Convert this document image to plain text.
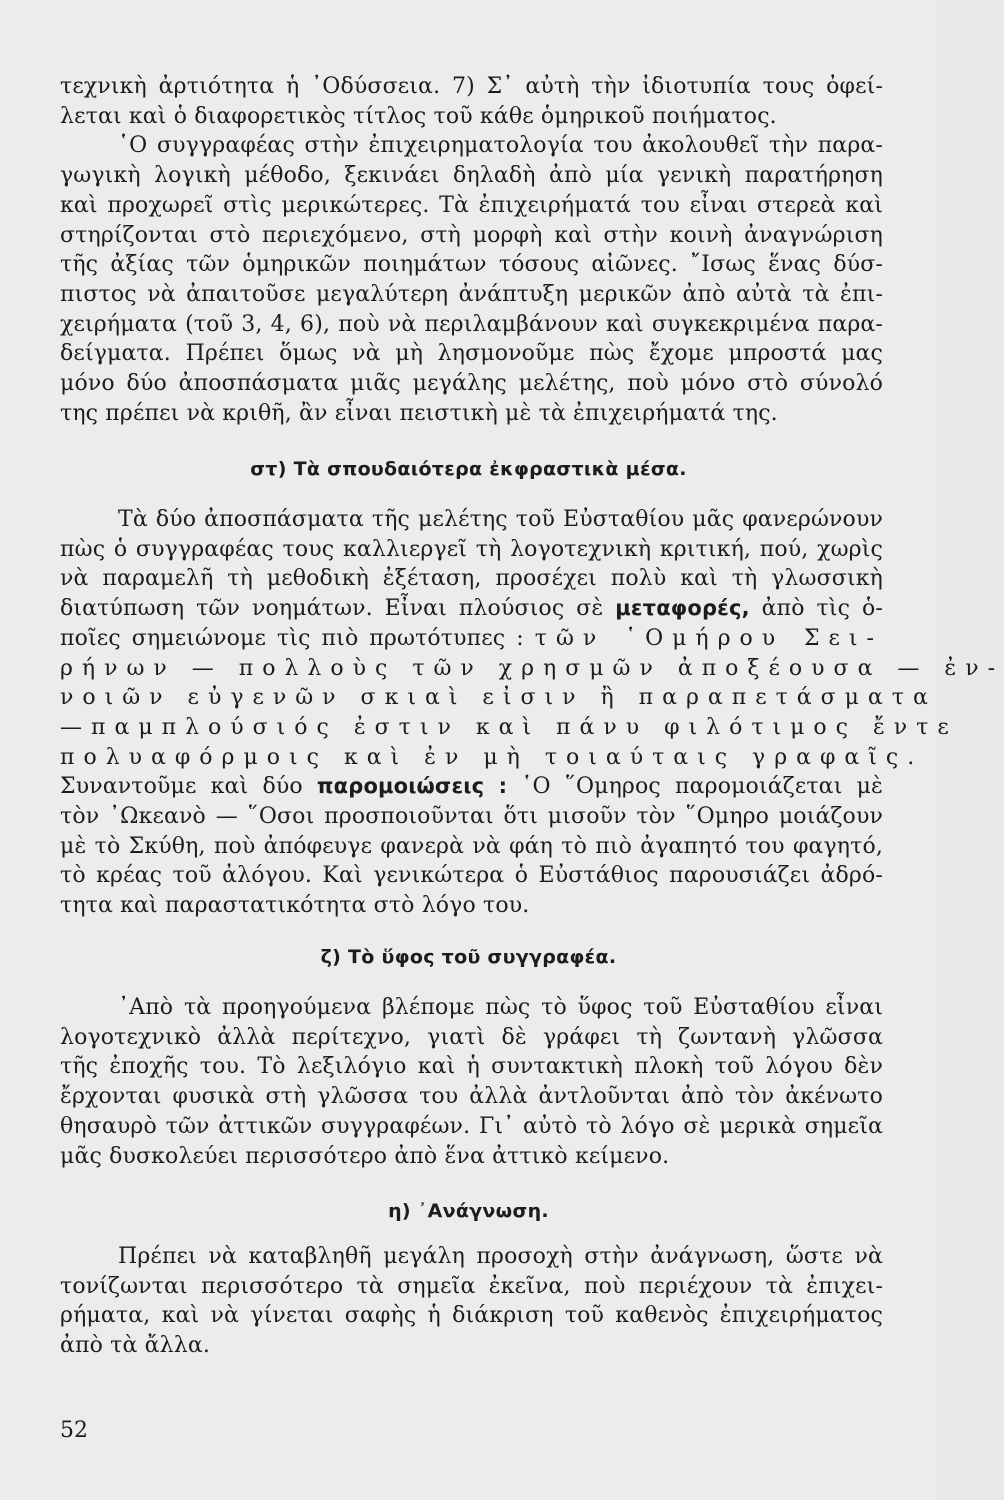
τεχνικὴ ἀρτιότητα ἡ ᾿Οδύσσεια. 7) Σ᾿ αὐτὴ τὴν ἰδιοτυπία τους ὀφεί-
λεται καὶ ὁ διαφορετικὸς τίτλος τοῦ κάθε ὁμηρικοῦ ποιήματος.
῾Ο συγγραφέας στὴν ἐπιχειρηματολογία του ἀκολουθεῖ τὴν παρα-
γωγικὴ λογικὴ μέθοδο, ξεκινάει δηλαδὴ ἀπὸ μία γενικὴ παρατήρηση
καὶ προχωρεῖ στὶς μερικώτερες. Τὰ ἐπιχειρήματά του εἶναι στερεὰ καὶ
στηρίζονται στὸ περιεχόμενο, στὴ μορφὴ καὶ στὴν κοινὴ ἀναγνώριση
τῆς ἀξίας τῶν ὁμηρικῶν ποιημάτων τόσους αἰῶνες. ῎Ισως ἕνας δύσ-
πιστος νὰ ἀπαιτοῦσε μεγαλύτερη ἀνάπτυξη μερικῶν ἀπὸ αὐτὰ τὰ ἐπι-
χειρήματα (τοῦ 3, 4, 6), ποὺ νὰ περιλαμβάνουν καὶ συγκεκριμένα παρα-
δείγματα. Πρέπει ὅμως νὰ μὴ λησμονοῦμε πὼς ἔχομε μπροστά μας
μόνο δύο ἀποσπάσματα μιᾶς μεγάλης μελέτης, ποὺ μόνο στὸ σύνολό
της πρέπει νὰ κριθῆ, ἂν εἶναι πειστικὴ μὲ τὰ ἐπιχειρήματά της.
στ) Τὰ σπουδαιότερα ἐκφραστικὰ μέσα.
Τὰ δύο ἀποσπάσματα τῆς μελέτης τοῦ Εὐσταθίου μᾶς φανερώνουν
πὼς ὁ συγγραφέας τους καλλιεργεῖ τὴ λογοτεχνικὴ κριτική, πού, χωρὶς
νὰ παραμελῆ τὴ μεθοδικὴ ἐξέταση, προσέχει πολὺ καὶ τὴ γλωσσικὴ
διατύπωση τῶν νοημάτων. Εἶναι πλούσιος σὲ μεταφορές, ἀπὸ τὶς ὁ-
ποῖες σημειώνομε τὶς πιὸ πρωτότυπες : τῶν ῾Ομήρου Σει-
ρήνων — πολλοὺς τῶν χρησμῶν ἀποξέουσα — ἐν-
νοιῶν εὐγενῶν σκιαὶ εἰσιν ἢ παραπετάσματα
—παμπλούσιός ἐστιν καὶ πάνυ φιλότιμος ἔντε
πολυαφόρμοις καὶ ἐν μὴ τοιαύταις γραφαῖς.
Συναντοῦμε καὶ δύο παρομοιώσεις : ῾Ο ῞Ομηρος παρομοιάζεται μὲ
τὸν ᾿Ωκεανὸ — ῞Οσοι προσποιοῦνται ὅτι μισοῦν τὸν ῞Ομηρο μοιάζουν
μὲ τὸ Σκύθη, ποὺ ἀπόφευγε φανερὰ νὰ φάη τὸ πιὸ ἀγαπητό του φαγητό,
τὸ κρέας τοῦ ἀλόγου. Καὶ γενικώτερα ὁ Εὐστάθιος παρουσιάζει ἀδρό-
τητα καὶ παραστατικότητα στὸ λόγο του.
ζ) Τὸ ὕφος τοῦ συγγραφέα.
᾿Απὸ τὰ προηγούμενα βλέπομε πὼς τὸ ὕφος τοῦ Εὐσταθίου εἶναι
λογοτεχνικὸ ἀλλὰ περίτεχνο, γιατὶ δὲ γράφει τὴ ζωντανὴ γλῶσσα
τῆς ἐποχῆς του. Τὸ λεξιλόγιο καὶ ἡ συντακτικὴ πλοκὴ τοῦ λόγου δὲν
ἔρχονται φυσικὰ στὴ γλῶσσα του ἀλλὰ ἀντλοῦνται ἀπὸ τὸν ἀκένωτο
θησαυρὸ τῶν ἀττικῶν συγγραφέων. Γι᾿ αὐτὸ τὸ λόγο σὲ μερικὰ σημεῖα
μᾶς δυσκολεύει περισσότερο ἀπὸ ἕνα ἀττικὸ κείμενο.
η) ᾿Ανάγνωση.
Πρέπει νὰ καταβληθῆ μεγάλη προσοχὴ στὴν ἀνάγνωση, ὥστε νὰ
τονίζωνται περισσότερο τὰ σημεῖα ἐκεῖνα, ποὺ περιέχουν τὰ ἐπιχει-
ρήματα, καὶ νὰ γίνεται σαφὴς ἡ διάκριση τοῦ καθενὸς ἐπιχειρήματος
ἀπὸ τὰ ἄλλα.
52
